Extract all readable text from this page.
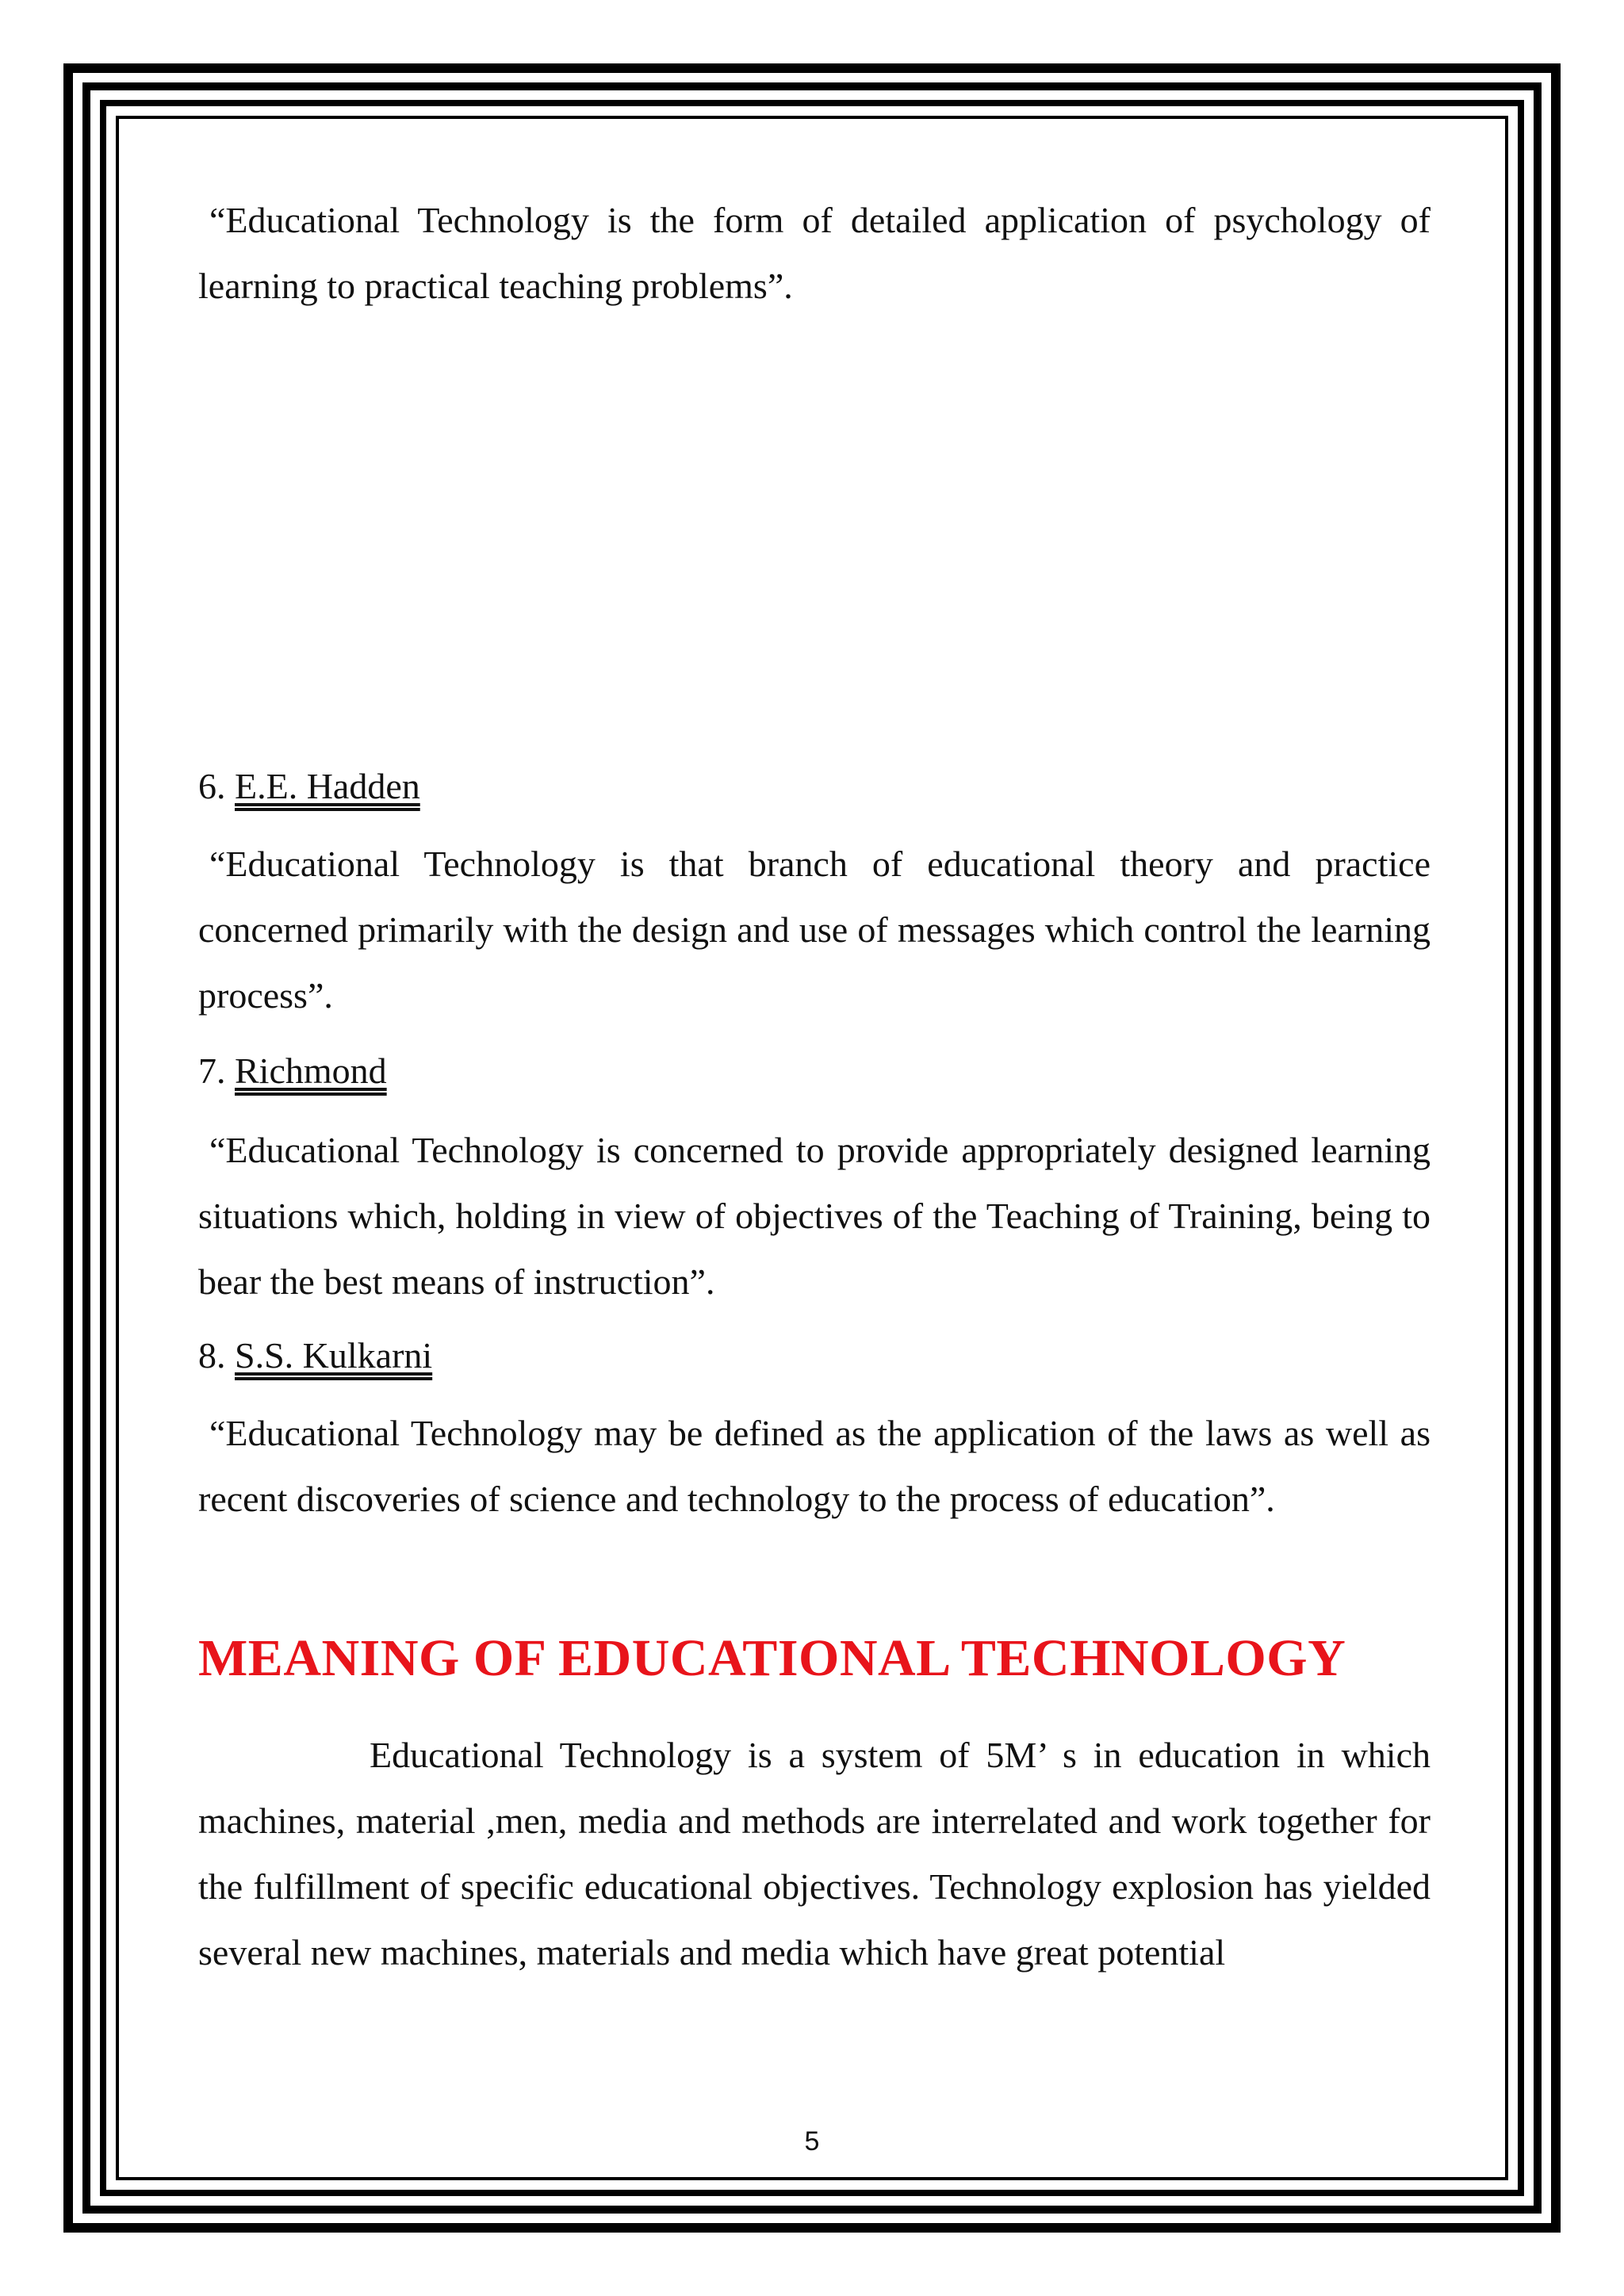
“Educational Technology is the form of detailed application of psychology of learning to practical teaching problems”.

6. E.E. Hadden

“Educational Technology is that branch of educational theory and practice concerned primarily with the design and use of messages which control the learning process”.

7. Richmond

“Educational Technology is concerned to provide appropriately designed learning situations which, holding in view of objectives of the Teaching of Training, being to bear the best means of instruction”.

8. S.S. Kulkarni

“Educational Technology may be defined as the application of the laws as well as recent discoveries of science and technology to the process of education”.

MEANING OF EDUCATIONAL TECHNOLOGY

Educational Technology is a system of 5M’ s in education in which machines, material ,men, media and methods are interrelated and work together for the fulfillment of specific educational objectives. Technology explosion has yielded several new machines, materials and media which have great potential

5
